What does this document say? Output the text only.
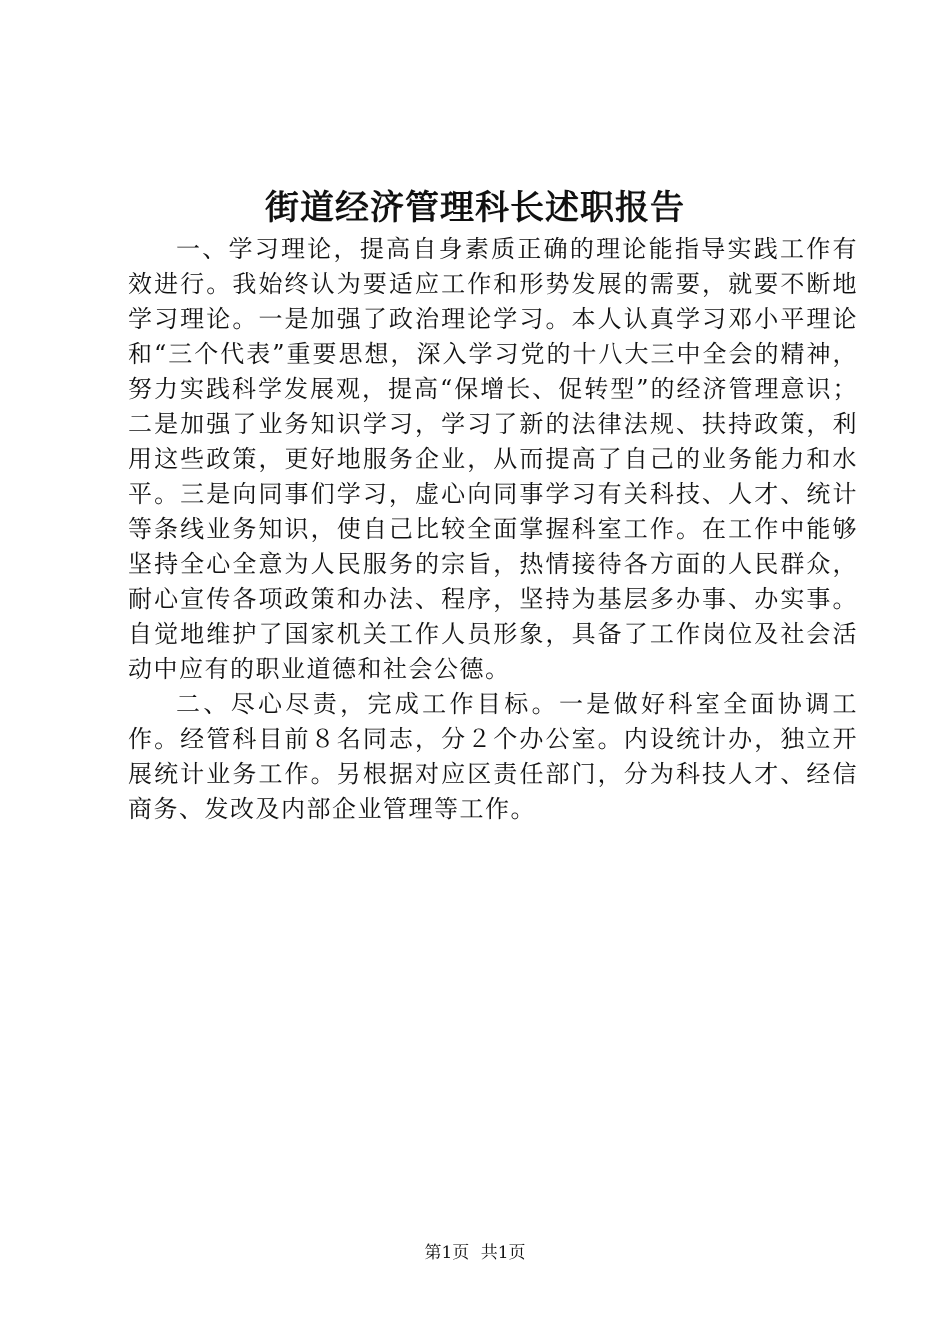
街道经济管理科长述职报告

一、学习理论，提高自身素质正确的理论能指导实践工作有效进行。我始终认为要适应工作和形势发展的需要，就要不断地学习理论。一是加强了政治理论学习。本人认真学习邓小平理论和“三个代表”重要思想，深入学习党的十八大三中全会的精神，努力实践科学发展观，提高“保增长、促转型”的经济管理意识；二是加强了业务知识学习，学习了新的法律法规、扶持政策，利用这些政策，更好地服务企业，从而提高了自己的业务能力和水平。三是向同事们学习，虚心向同事学习有关科技、人才、统计等条线业务知识，使自己比较全面掌握科室工作。在工作中能够坚持全心全意为人民服务的宗旨，热情接待各方面的人民群众，耐心宣传各项政策和办法、程序，坚持为基层多办事、办实事。自觉地维护了国家机关工作人员形象，具备了工作岗位及社会活动中应有的职业道德和社会公德。

二、尽心尽责，完成工作目标。一是做好科室全面协调工作。经管科目前８名同志，分２个办公室。内设统计办，独立开展统计业务工作。另根据对应区责任部门，分为科技人才、经信商务、发改及内部企业管理等工作。

第1页 共1页
